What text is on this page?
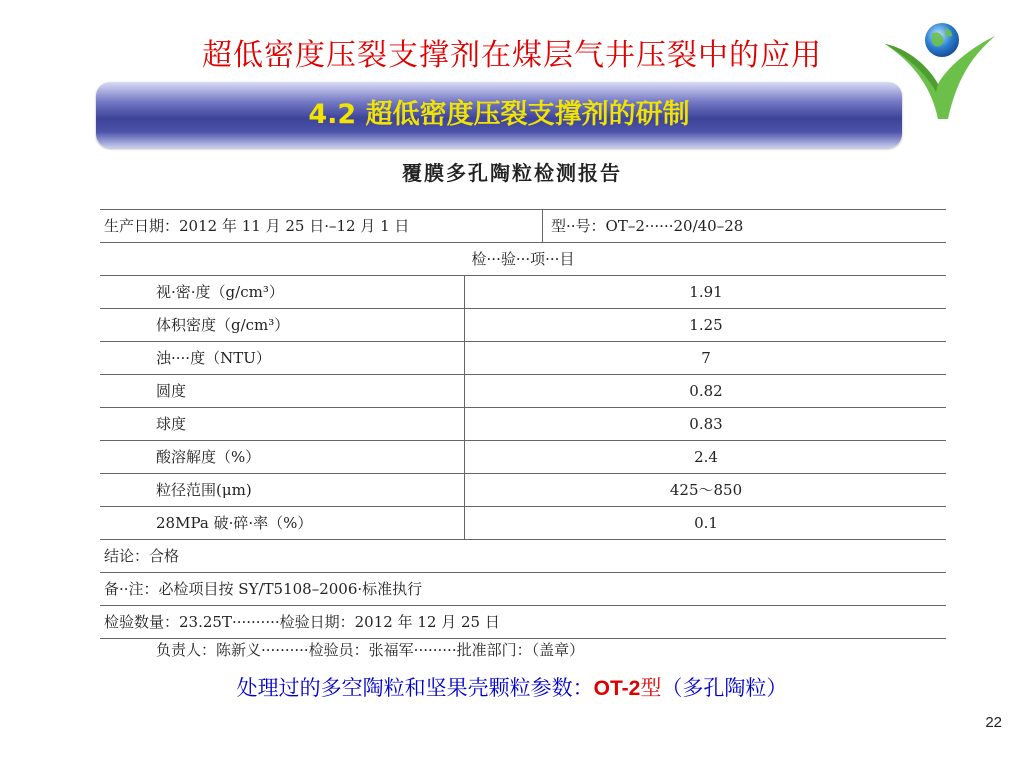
超低密度压裂支撑剂在煤层气井压裂中的应用
4.2 超低密度压裂支撑剂的研制
覆膜多孔陶粒检测报告
生产日期：2012 年 11 月 25 日·–12 月 1 日	型··号：OT–2······20/40–28
检···验···项···目
视·密·度（g/cm³）	1.91
体积密度（g/cm³）	1.25
浊····度（NTU）	7
圆度	0.82
球度	0.83
酸溶解度（%）	2.4
粒径范围(μm)	425～850
28MPa 破·碎·率（%）	0.1
结论：合格
备··注：必检项目按 SY/T5108–2006·标准执行
检验数量：23.25T··········检验日期：2012 年 12 月 25 日
负责人：陈新义··········检验员：张福军·········批准部门：（盖章）
处理过的多空陶粒和坚果壳颗粒参数：OT-2型（多孔陶粒）
22
